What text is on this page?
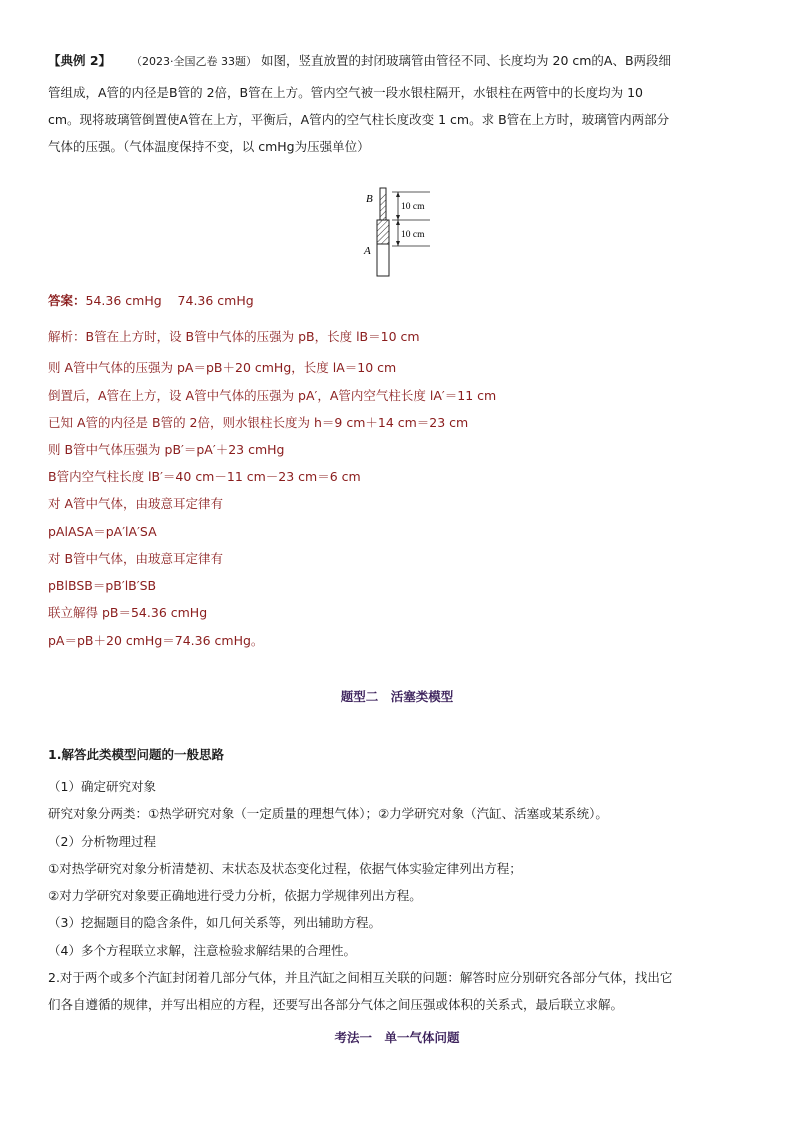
【典例 2】 （2023·全国乙卷 33题） 如图，竖直放置的封闭玻璃管由管径不同、长度均为 20 cm的A、B两段细
管组成，A管的内径是B管的 2倍，B管在上方。管内空气被一段水银柱隔开，水银柱在两管中的长度均为 10
cm。现将玻璃管倒置使A管在上方，平衡后，A管内的空气柱长度改变 1 cm。求 B管在上方时，玻璃管内两部分
气体的压强。（气体温度保持不变，以 cmHg为压强单位）
B
A
10 cm
10 cm
答案：54.36 cmHg    74.36 cmHg
解析：B管在上方时，设 B管中气体的压强为 pB，长度 lB＝10 cm
则 A管中气体的压强为 pA＝pB＋20 cmHg，长度 lA＝10 cm
倒置后，A管在上方，设 A管中气体的压强为 pA′，A管内空气柱长度 lA′＝11 cm
已知 A管的内径是 B管的 2倍，则水银柱长度为 h＝9 cm＋14 cm＝23 cm
则 B管中气体压强为 pB′＝pA′＋23 cmHg
B管内空气柱长度 lB′＝40 cm－11 cm－23 cm＝6 cm
对 A管中气体，由玻意耳定律有
pAlASA＝pA′lA′SA
对 B管中气体，由玻意耳定律有
pBlBSB＝pB′lB′SB
联立解得 pB＝54.36 cmHg
pA＝pB＋20 cmHg＝74.36 cmHg。
题型二　活塞类模型
1.解答此类模型问题的一般思路
（1）确定研究对象
研究对象分两类：①热学研究对象（一定质量的理想气体）；②力学研究对象（汽缸、活塞或某系统）。
（2）分析物理过程
①对热学研究对象分析清楚初、末状态及状态变化过程，依据气体实验定律列出方程；
②对力学研究对象要正确地进行受力分析，依据力学规律列出方程。
（3）挖掘题目的隐含条件，如几何关系等，列出辅助方程。
（4）多个方程联立求解，注意检验求解结果的合理性。
2.对于两个或多个汽缸封闭着几部分气体，并且汽缸之间相互关联的问题：解答时应分别研究各部分气体，找出它
们各自遵循的规律，并写出相应的方程，还要写出各部分气体之间压强或体积的关系式，最后联立求解。
考法一　单一气体问题
